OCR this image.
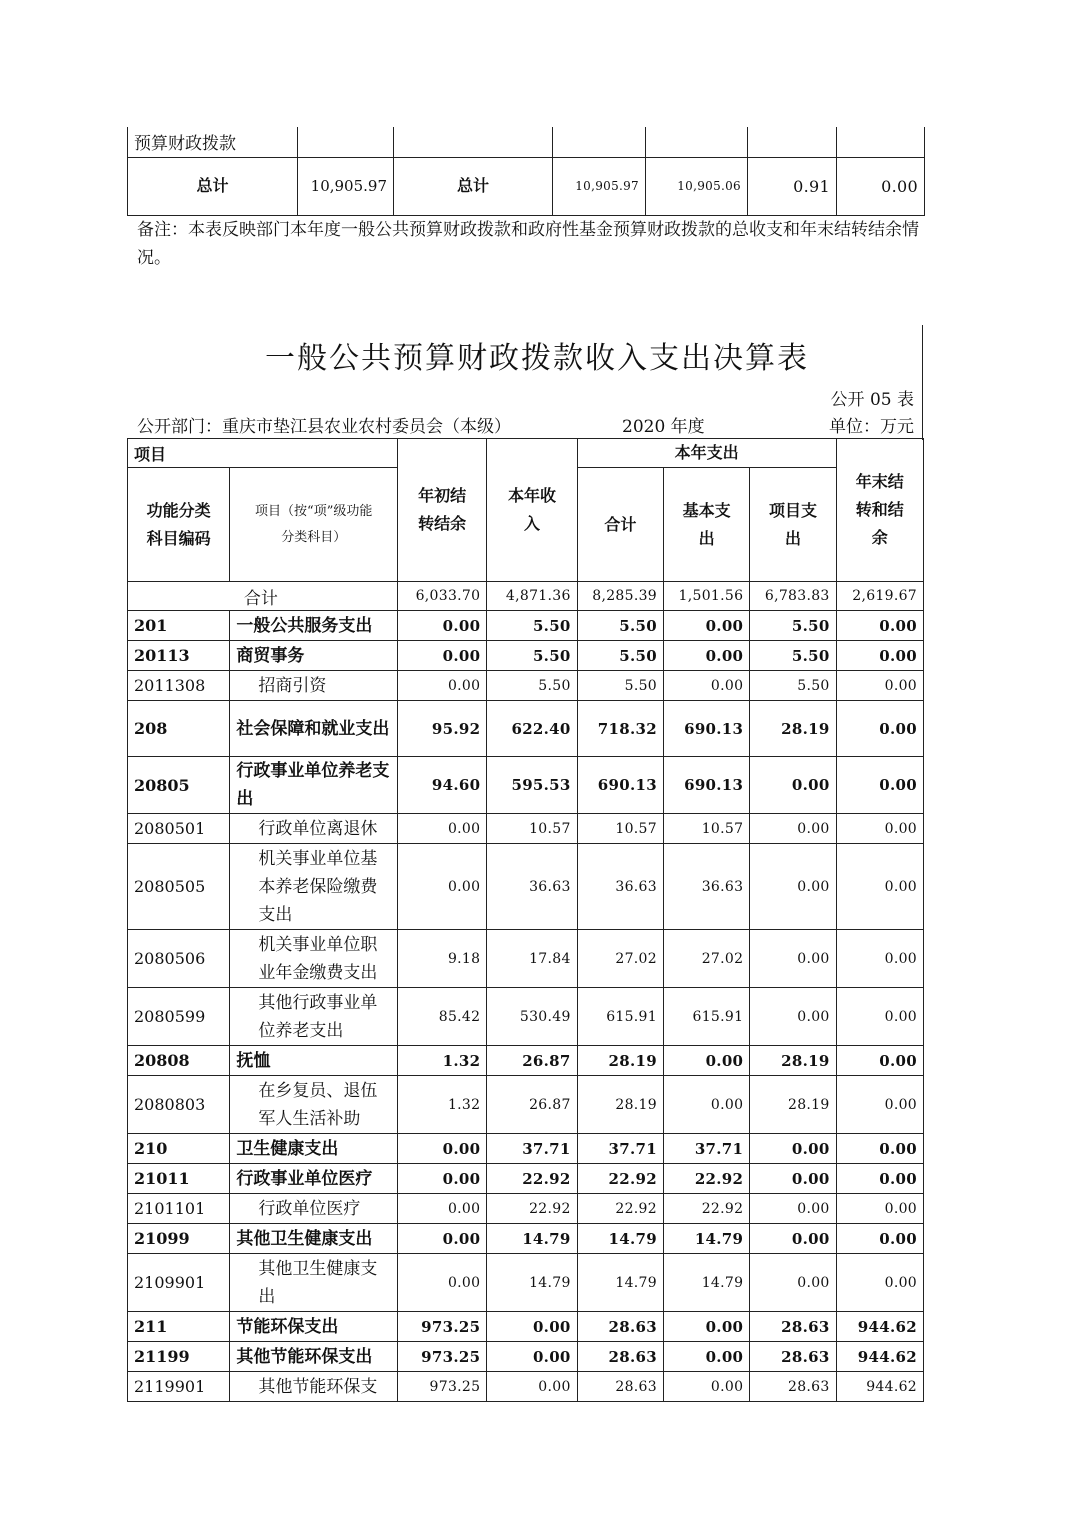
预算财政拨款						
总计	10,905.97	总计	10,905.97	10,905.06	0.91	0.00
备注：本表反映部门本年度一般公共预算财政拨款和政府性基金预算财政拨款的总收支和年末结转结余情况。
一般公共预算财政拨款收入支出决算表
公开 05 表
公开部门：重庆市垫江县农业农村委员会（本级）	2020 年度	单位：万元
项目		年初结转结余	本年收入	本年支出			年末结转和结余
功能分类科目编码	项目（按“项”级功能分类科目）			合计	基本支出	项目支出	
	合计	6,033.70	4,871.36	8,285.39	1,501.56	6,783.83	2,619.67
201	一般公共服务支出	0.00	5.50	5.50	0.00	5.50	0.00
20113	商贸事务	0.00	5.50	5.50	0.00	5.50	0.00
2011308	招商引资	0.00	5.50	5.50	0.00	5.50	0.00
208	社会保障和就业支出	95.92	622.40	718.32	690.13	28.19	0.00
20805	行政事业单位养老支出	94.60	595.53	690.13	690.13	0.00	0.00
2080501	行政单位离退休	0.00	10.57	10.57	10.57	0.00	0.00
2080505	机关事业单位基本养老保险缴费支出	0.00	36.63	36.63	36.63	0.00	0.00
2080506	机关事业单位职业年金缴费支出	9.18	17.84	27.02	27.02	0.00	0.00
2080599	其他行政事业单位养老支出	85.42	530.49	615.91	615.91	0.00	0.00
20808	抚恤	1.32	26.87	28.19	0.00	28.19	0.00
2080803	在乡复员、退伍军人生活补助	1.32	26.87	28.19	0.00	28.19	0.00
210	卫生健康支出	0.00	37.71	37.71	37.71	0.00	0.00
21011	行政事业单位医疗	0.00	22.92	22.92	22.92	0.00	0.00
2101101	行政单位医疗	0.00	22.92	22.92	22.92	0.00	0.00
21099	其他卫生健康支出	0.00	14.79	14.79	14.79	0.00	0.00
2109901	其他卫生健康支出	0.00	14.79	14.79	14.79	0.00	0.00
211	节能环保支出	973.25	0.00	28.63	0.00	28.63	944.62
21199	其他节能环保支出	973.25	0.00	28.63	0.00	28.63	944.62
2119901	其他节能环保支	973.25	0.00	28.63	0.00	28.63	944.62
